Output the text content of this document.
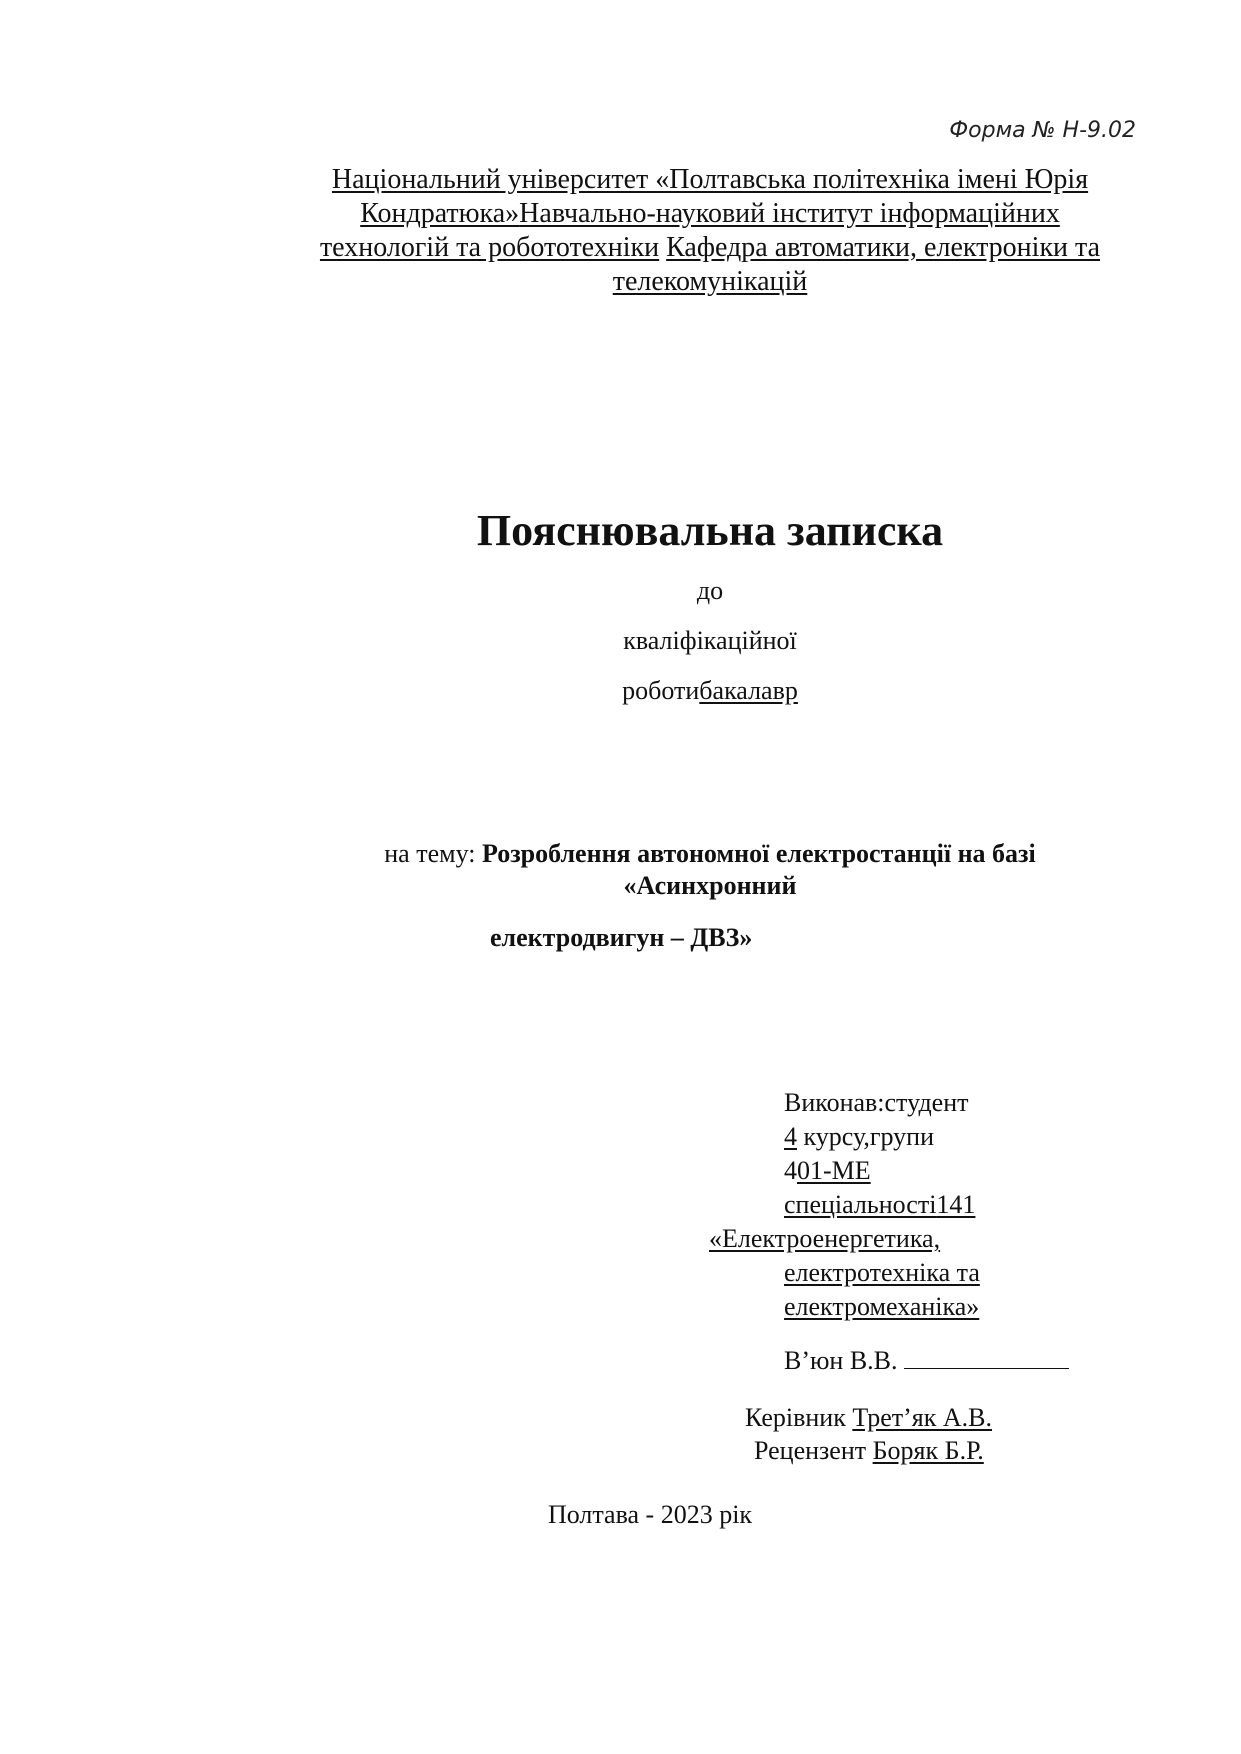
Форма № Н-9.02
Національний університет «Полтавська політехніка імені Юрія Кондратюка»Навчально-науковий інститут інформаційних технологій та робототехніки Кафедра автоматики, електроніки та телекомунікацій
Пояснювальна записка
до
кваліфікаційної
роботибакалавр
на тему: Розроблення автономної електростанції на базі «Асинхронний
електродвигун – ДВЗ»
Виконав:студент
4 курсу,групи
401-МЕ
спеціальності141
«Електроенергетика,
електротехніка та
електромеханіка»
В’юн В.В.
Керівник Трет’як А.В.
Рецензент Боряк Б.Р.
Полтава - 2023 рік
